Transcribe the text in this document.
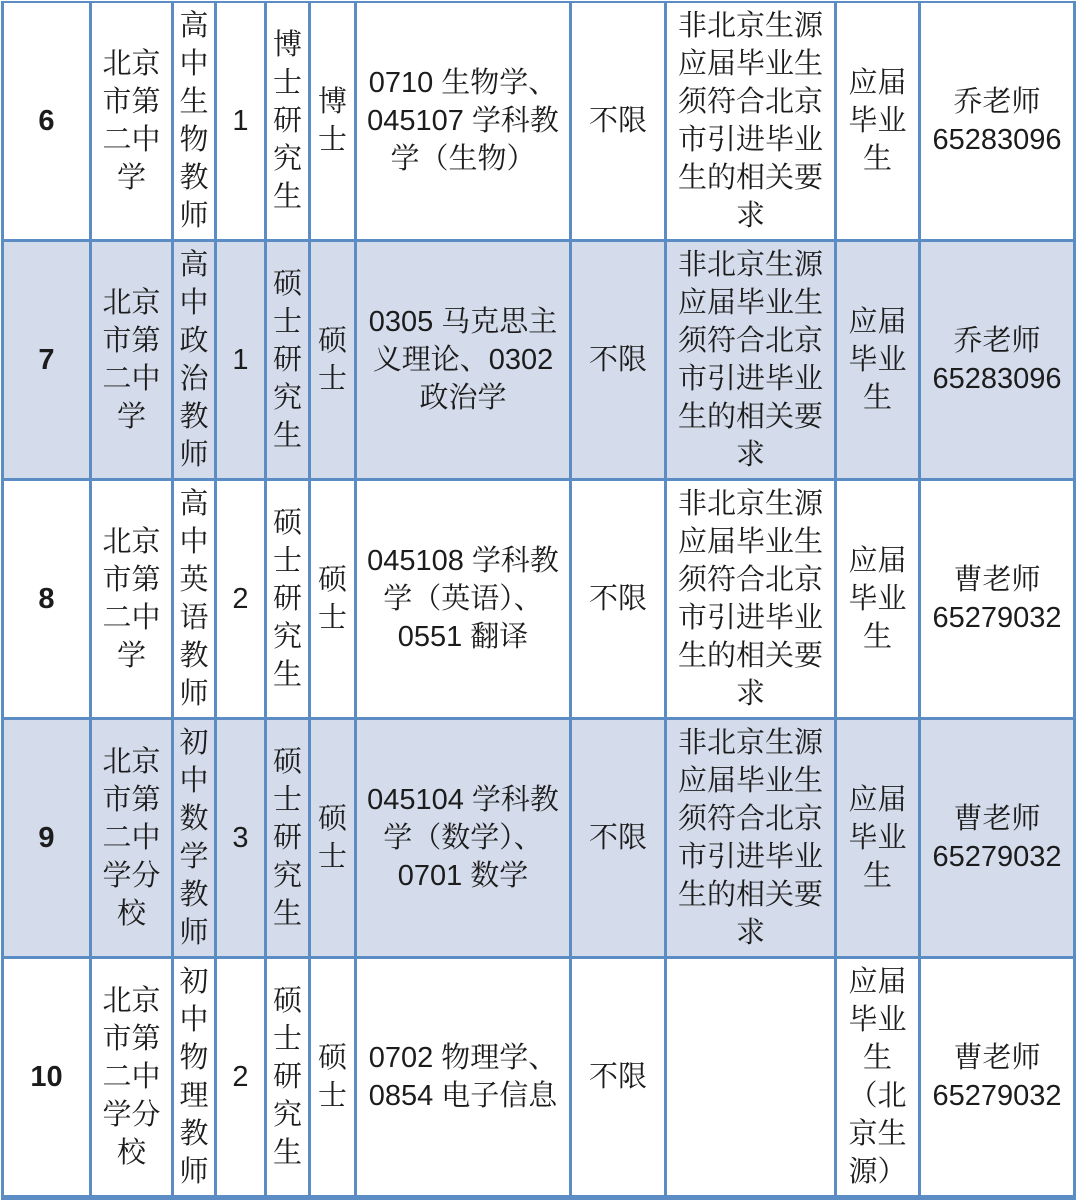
6	北京市第二中学	高中生物教师	1	博士研究生	博士	0710 生物学、045107 学科教学（生物）	不限	非北京生源应届毕业生须符合北京市引进毕业生的相关要求	应届毕业生	乔老师
65283096

7	北京市第二中学	高中政治教师	1	硕士研究生	硕士	0305 马克思主义理论、0302 政治学	不限	非北京生源应届毕业生须符合北京市引进毕业生的相关要求	应届毕业生	乔老师
65283096

8	北京市第二中学	高中英语教师	2	硕士研究生	硕士	045108 学科教学（英语）、0551 翻译	不限	非北京生源应届毕业生须符合北京市引进毕业生的相关要求	应届毕业生	曹老师
65279032

9	北京市第二中学分校	初中数学教师	3	硕士研究生	硕士	045104 学科教学（数学）、0701 数学	不限	非北京生源应届毕业生须符合北京市引进毕业生的相关要求	应届毕业生	曹老师
65279032

10	北京市第二中学分校	初中物理教师	2	硕士研究生	硕士	0702 物理学、0854 电子信息	不限		应届毕业生（北京生源）	曹老师
65279032
